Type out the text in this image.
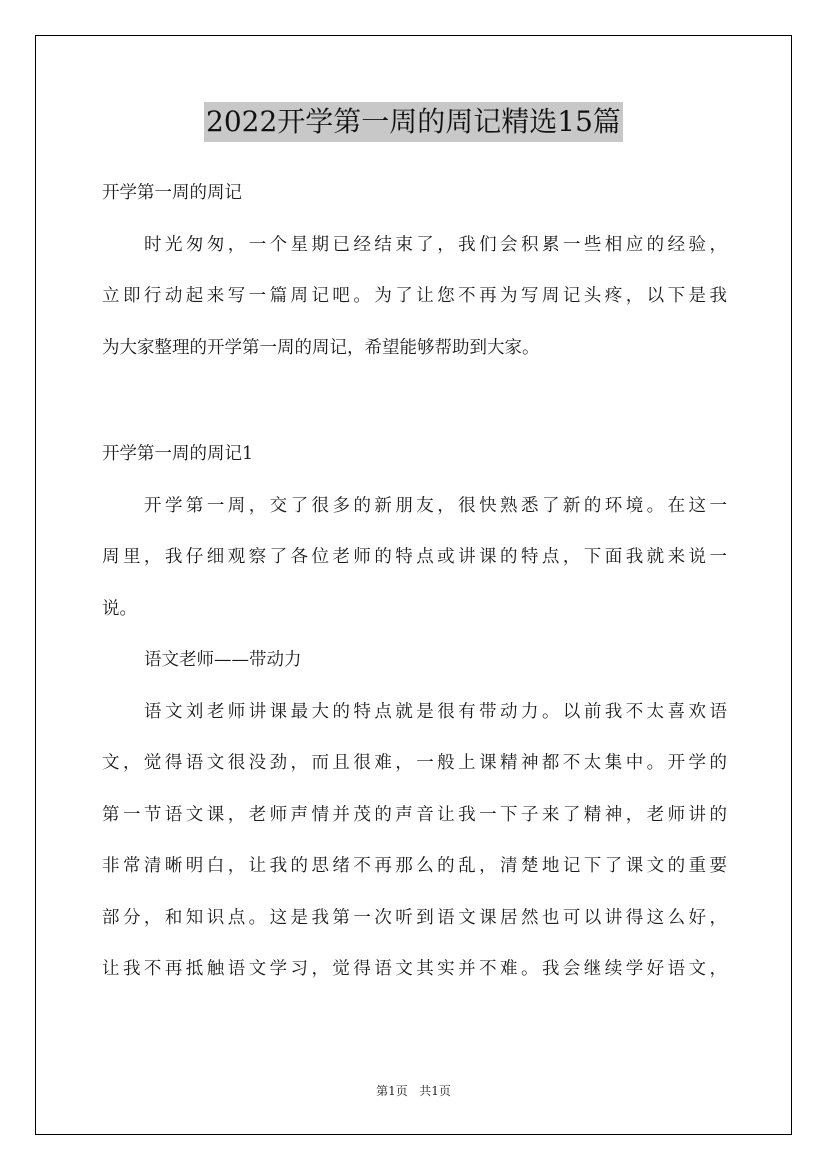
2022开学第一周的周记精选15篇
开学第一周的周记
时光匆匆，一个星期已经结束了，我们会积累一些相应的经验，
立即行动起来写一篇周记吧。为了让您不再为写周记头疼，以下是我
为大家整理的开学第一周的周记，希望能够帮助到大家。
开学第一周的周记1
开学第一周，交了很多的新朋友，很快熟悉了新的环境。在这一
周里，我仔细观察了各位老师的特点或讲课的特点，下面我就来说一
说。
语文老师——带动力
语文刘老师讲课最大的特点就是很有带动力。以前我不太喜欢语
文，觉得语文很没劲，而且很难，一般上课精神都不太集中。开学的
第一节语文课，老师声情并茂的声音让我一下子来了精神，老师讲的
非常清晰明白，让我的思绪不再那么的乱，清楚地记下了课文的重要
部分，和知识点。这是我第一次听到语文课居然也可以讲得这么好，
让我不再抵触语文学习，觉得语文其实并不难。我会继续学好语文，
第1页 共1页
